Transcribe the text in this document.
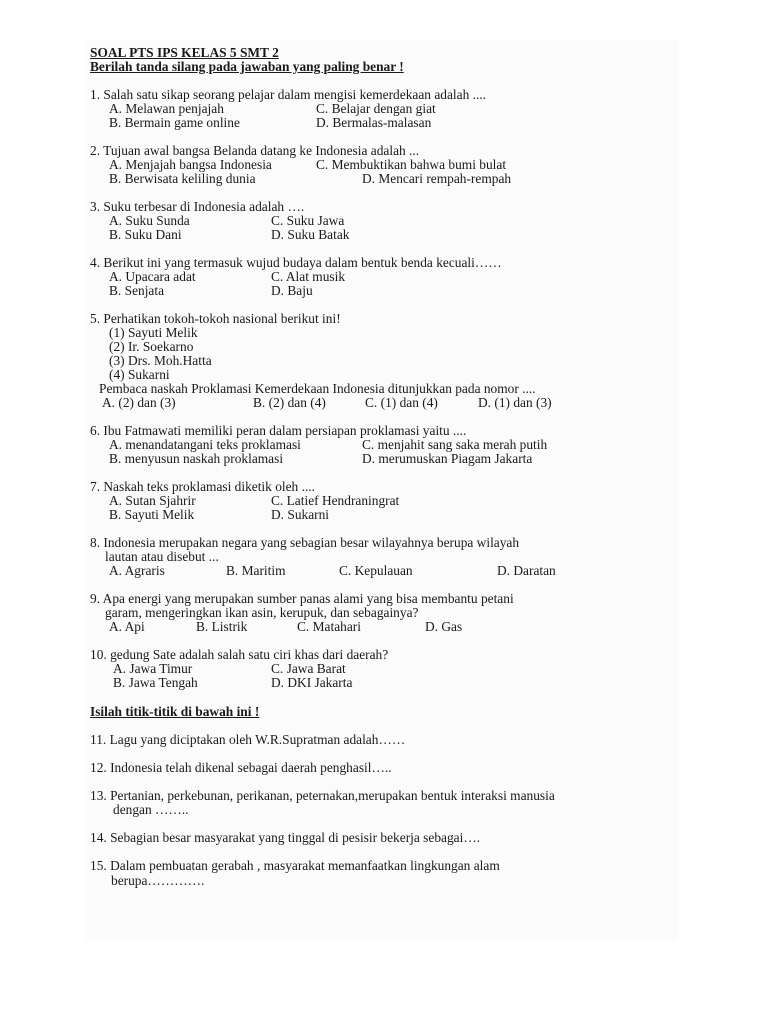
SOAL PTS IPS KELAS 5 SMT 2
Berilah tanda silang pada jawaban yang paling benar !
1. Salah satu sikap seorang pelajar dalam mengisi kemerdekaan adalah ....
A. Melawan penjajah	C. Belajar dengan giat
B. Bermain game online	D. Bermalas-malasan
2. Tujuan awal bangsa Belanda datang ke Indonesia adalah ...
A. Menjajah bangsa Indonesia	C. Membuktikan bahwa bumi bulat
B. Berwisata keliling dunia	D. Mencari rempah-rempah
3. Suku terbesar di Indonesia adalah ….
A. Suku Sunda	C. Suku Jawa
B. Suku Dani	D. Suku Batak
4. Berikut ini yang termasuk wujud budaya dalam bentuk benda kecuali……
A. Upacara adat	C. Alat musik
B. Senjata	D. Baju
5. Perhatikan tokoh-tokoh nasional berikut ini!
(1) Sayuti Melik
(2) Ir. Soekarno
(3) Drs. Moh.Hatta
(4) Sukarni
Pembaca naskah Proklamasi Kemerdekaan Indonesia ditunjukkan pada nomor ....
A. (2) dan (3)	B. (2) dan (4)	C. (1) dan (4)	D. (1) dan (3)
6. Ibu Fatmawati memiliki peran dalam persiapan proklamasi yaitu ....
A. menandatangani teks proklamasi	C. menjahit sang saka merah putih
B. menyusun naskah proklamasi	D. merumuskan Piagam Jakarta
7. Naskah teks proklamasi diketik oleh ....
A. Sutan Sjahrir	C. Latief Hendraningrat
B. Sayuti Melik	D. Sukarni
8. Indonesia merupakan negara yang sebagian besar wilayahnya berupa wilayah
lautan atau disebut ...
A. Agraris	B. Maritim	C. Kepulauan	D. Daratan
9. Apa energi yang merupakan sumber panas alami yang bisa membantu petani
garam, mengeringkan ikan asin, kerupuk, dan sebagainya?
A. Api	B. Listrik	C. Matahari	D. Gas
10. gedung Sate adalah salah satu ciri khas dari daerah?
A. Jawa Timur	C. Jawa Barat
B. Jawa Tengah	D. DKI Jakarta
Isilah titik-titik di bawah ini !
11. Lagu yang diciptakan oleh W.R.Supratman adalah……
12. Indonesia telah dikenal sebagai daerah penghasil…..
13. Pertanian, perkebunan, perikanan, peternakan,merupakan bentuk interaksi manusia
dengan ……..
14. Sebagian besar masyarakat yang tinggal di pesisir bekerja sebagai….
15. Dalam pembuatan gerabah , masyarakat memanfaatkan lingkungan alam
berupa………….
